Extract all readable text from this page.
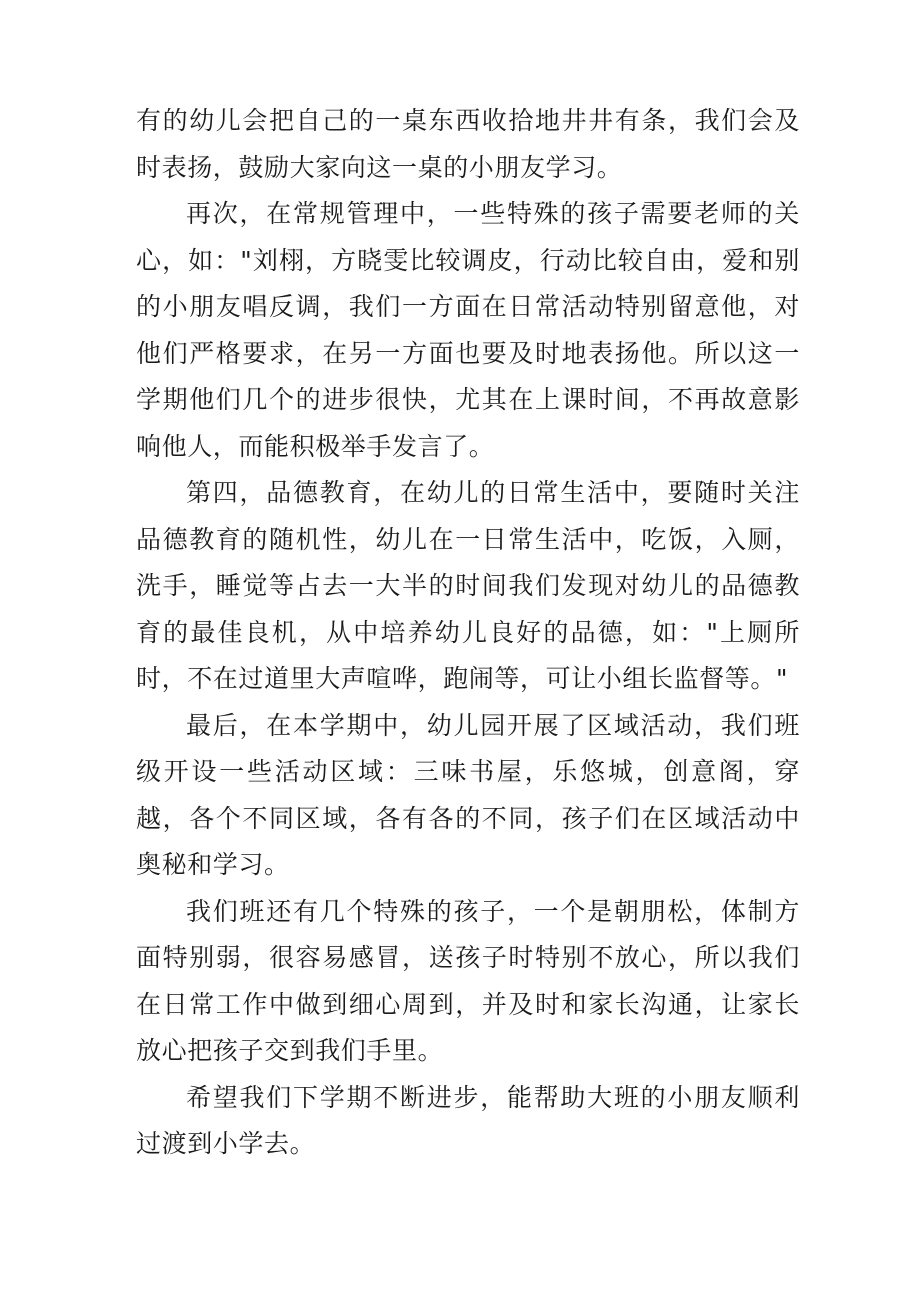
有的幼儿会把自己的一桌东西收拾地井井有条，我们会及时表扬，鼓励大家向这一桌的小朋友学习。

再次，在常规管理中，一些特殊的孩子需要老师的关心，如："刘栩，方晓雯比较调皮，行动比较自由，爱和别的小朋友唱反调，我们一方面在日常活动特别留意他，对他们严格要求，在另一方面也要及时地表扬他。所以这一学期他们几个的进步很快，尤其在上课时间，不再故意影响他人，而能积极举手发言了。

第四，品德教育，在幼儿的日常生活中，要随时关注品德教育的随机性，幼儿在一日常生活中，吃饭，入厕，洗手，睡觉等占去一大半的时间我们发现对幼儿的品德教育的最佳良机，从中培养幼儿良好的品德，如："上厕所时，不在过道里大声喧哗，跑闹等，可让小组长监督等。"

最后，在本学期中，幼儿园开展了区域活动，我们班级开设一些活动区域：三味书屋，乐悠城，创意阁，穿越，各个不同区域，各有各的不同，孩子们在区域活动中奥秘和学习。

我们班还有几个特殊的孩子，一个是朝朋松，体制方面特别弱，很容易感冒，送孩子时特别不放心，所以我们在日常工作中做到细心周到，并及时和家长沟通，让家长放心把孩子交到我们手里。

希望我们下学期不断进步，能帮助大班的小朋友顺利过渡到小学去。
